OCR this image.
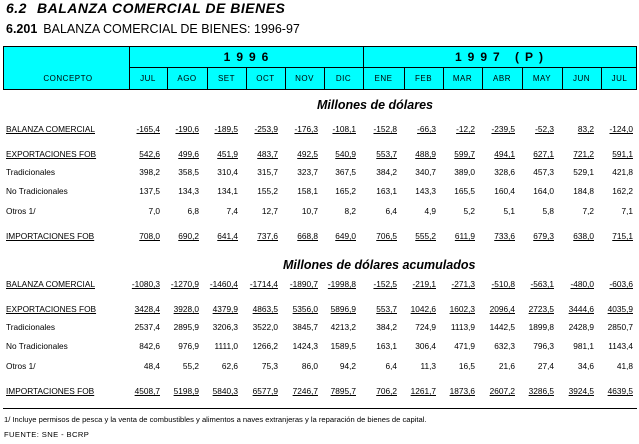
6.2 BALANZA COMERCIAL DE BIENES
6.201 BALANZA COMERCIAL DE BIENES: 1996-97
1996	1997 (P)
CONCEPTO	JUL	AGO	SET	OCT	NOV	DIC	ENE	FEB	MAR	ABR	MAY	JUN	JUL
Millones de dólares
BALANZA COMERCIAL	-165,4	-190,6	-189,5	-253,9	-176,3	-108,1	-152,8	-66,3	-12,2	-239,5	-52,3	83,2	-124,0
EXPORTACIONES FOB	542,6	499,6	451,9	483,7	492,5	540,9	553,7	488,9	599,7	494,1	627,1	721,2	591,1
Tradicionales	398,2	358,5	310,4	315,7	323,7	367,5	384,2	340,7	389,0	328,6	457,3	529,1	421,8
No Tradicionales	137,5	134,3	134,1	155,2	158,1	165,2	163,1	143,3	165,5	160,4	164,0	184,8	162,2
Otros 1/	7,0	6,8	7,4	12,7	10,7	8,2	6,4	4,9	5,2	5,1	5,8	7,2	7,1
IMPORTACIONES FOB	708,0	690,2	641,4	737,6	668,8	649,0	706,5	555,2	611,9	733,6	679,3	638,0	715,1
Millones de dólares acumulados
BALANZA COMERCIAL	-1080,3	-1270,9	-1460,4	-1714,4	-1890,7	-1998,8	-152,5	-219,1	-271,3	-510,8	-563,1	-480,0	-603,6
EXPORTACIONES FOB	3428,4	3928,0	4379,9	4863,5	5356,0	5896,9	553,7	1042,6	1602,3	2096,4	2723,5	3444,6	4035,9
Tradicionales	2537,4	2895,9	3206,3	3522,0	3845,7	4213,2	384,2	724,9	1113,9	1442,5	1899,8	2428,9	2850,7
No Tradicionales	842,6	976,9	1111,0	1266,2	1424,3	1589,5	163,1	306,4	471,9	632,3	796,3	981,1	1143,4
Otros 1/	48,4	55,2	62,6	75,3	86,0	94,2	6,4	11,3	16,5	21,6	27,4	34,6	41,8
IMPORTACIONES FOB	4508,7	5198,9	5840,3	6577,9	7246,7	7895,7	706,2	1261,7	1873,6	2607,2	3286,5	3924,5	4639,5
1/ Incluye permisos de pesca y la venta de combustibles y alimentos a naves extranjeras y la reparación de bienes de capital.
FUENTE: SNE - BCRP
